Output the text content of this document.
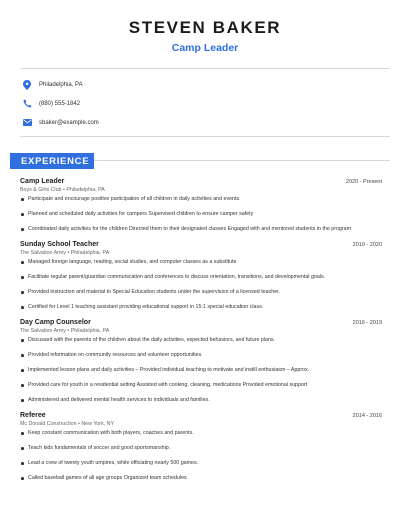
STEVEN BAKER
Camp Leader
Philadelphia, PA
(880) 555-1842
sbaker@example.com
EXPERIENCE
Camp Leader	2020 - Present
Boys & Girls Club • Philadelphia, PA
Participate and encourage positive participation of all children in daily activities and events.
Planned and scheduled daily activities for campers Supervised children to ensure camper safety
Coordinated daily activities for the children Directed them to their designated classes Engaged with and mentored students in the program
Sunday School Teacher	2019 - 2020
The Salvation Army • Philadelphia, PA
Managed foreign language, reading, social studies, and computer classes as a substitute
Facilitate regular parent/guardian communication and conferences to discuss orientation, transitions, and developmental goals.
Provided instruction and material to Special Education students under the supervision of a licensed teacher.
Certified for Level 1 teaching assistant providing educational support in 15:1 special education class.
Day Camp Counselor	2016 - 2019
The Salvation Army • Philadelphia, PA
Discussed with the parents of the children about the daily activities, expected behaviors, and future plans.
Provided information on community resources and volunteer opportunities.
Implemented lesson plans and daily activities – Provided individual teaching to motivate and instill enthusiasm – Approx.
Provided care for youth in a residential setting Assisted with cooking, cleaning, medications Provided emotional support
Administered and delivered mental health services to individuals and families.
Referee	2014 - 2016
Mc Donald Construction • New York, NY
Keep constant communication with both players, coaches and parents.
Teach kids fundamentals of soccer and good sportsmanship.
Lead a crew of twenty youth umpires, while officiating nearly 500 games.
Called baseball games of all age groups Organized team schedules
